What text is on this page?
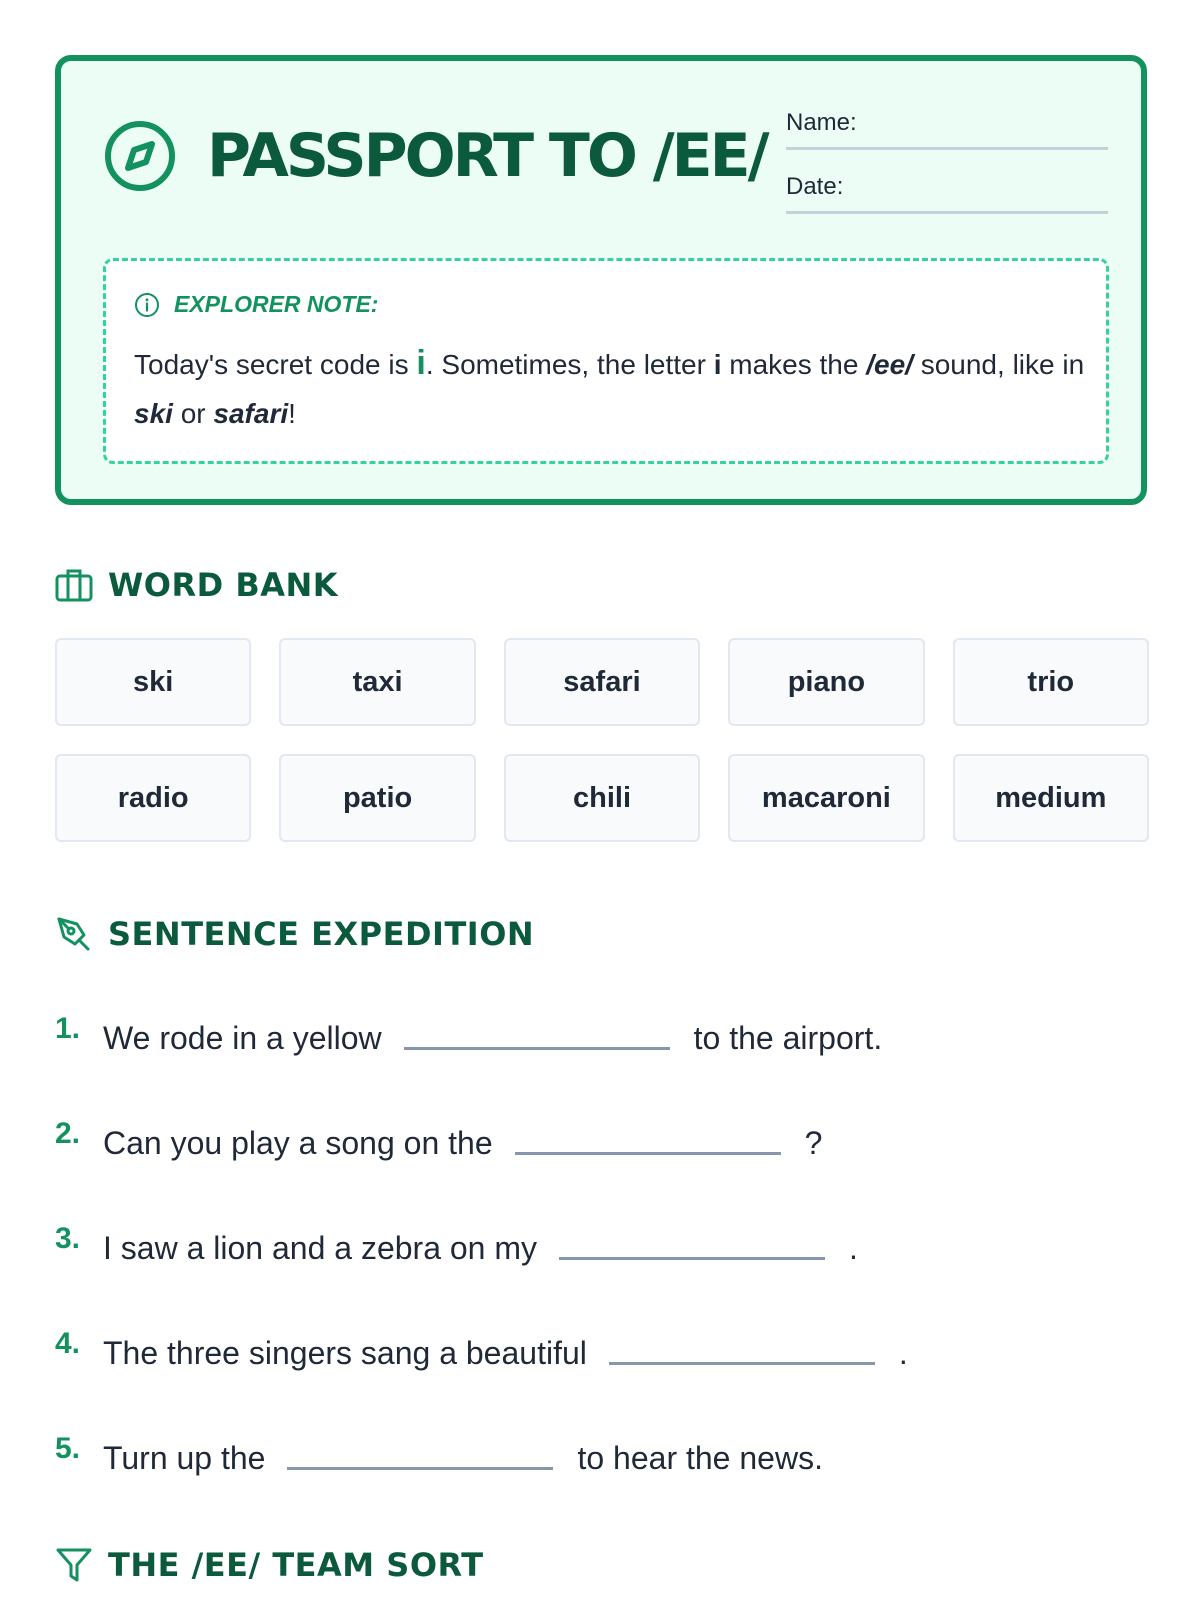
PASSPORT TO /EE/ Name:
Date:
EXPLORER NOTE:

Today's secret code is i. Sometimes, the letter i makes the /ee/ sound, like in ski or safari!

WORD BANK
ski	taxi	safari	piano	trio
radio	patio	chili	macaroni	medium
SENTENCE EXPEDITION
1. We rode in a yellow	to the airport.
2. Can you play a song on the	?
3. I saw a lion and a zebra on my	.
4. The three singers sang a beautiful	.
5. Turn up the	to hear the news.
THE /EE/ TEAM SORT
